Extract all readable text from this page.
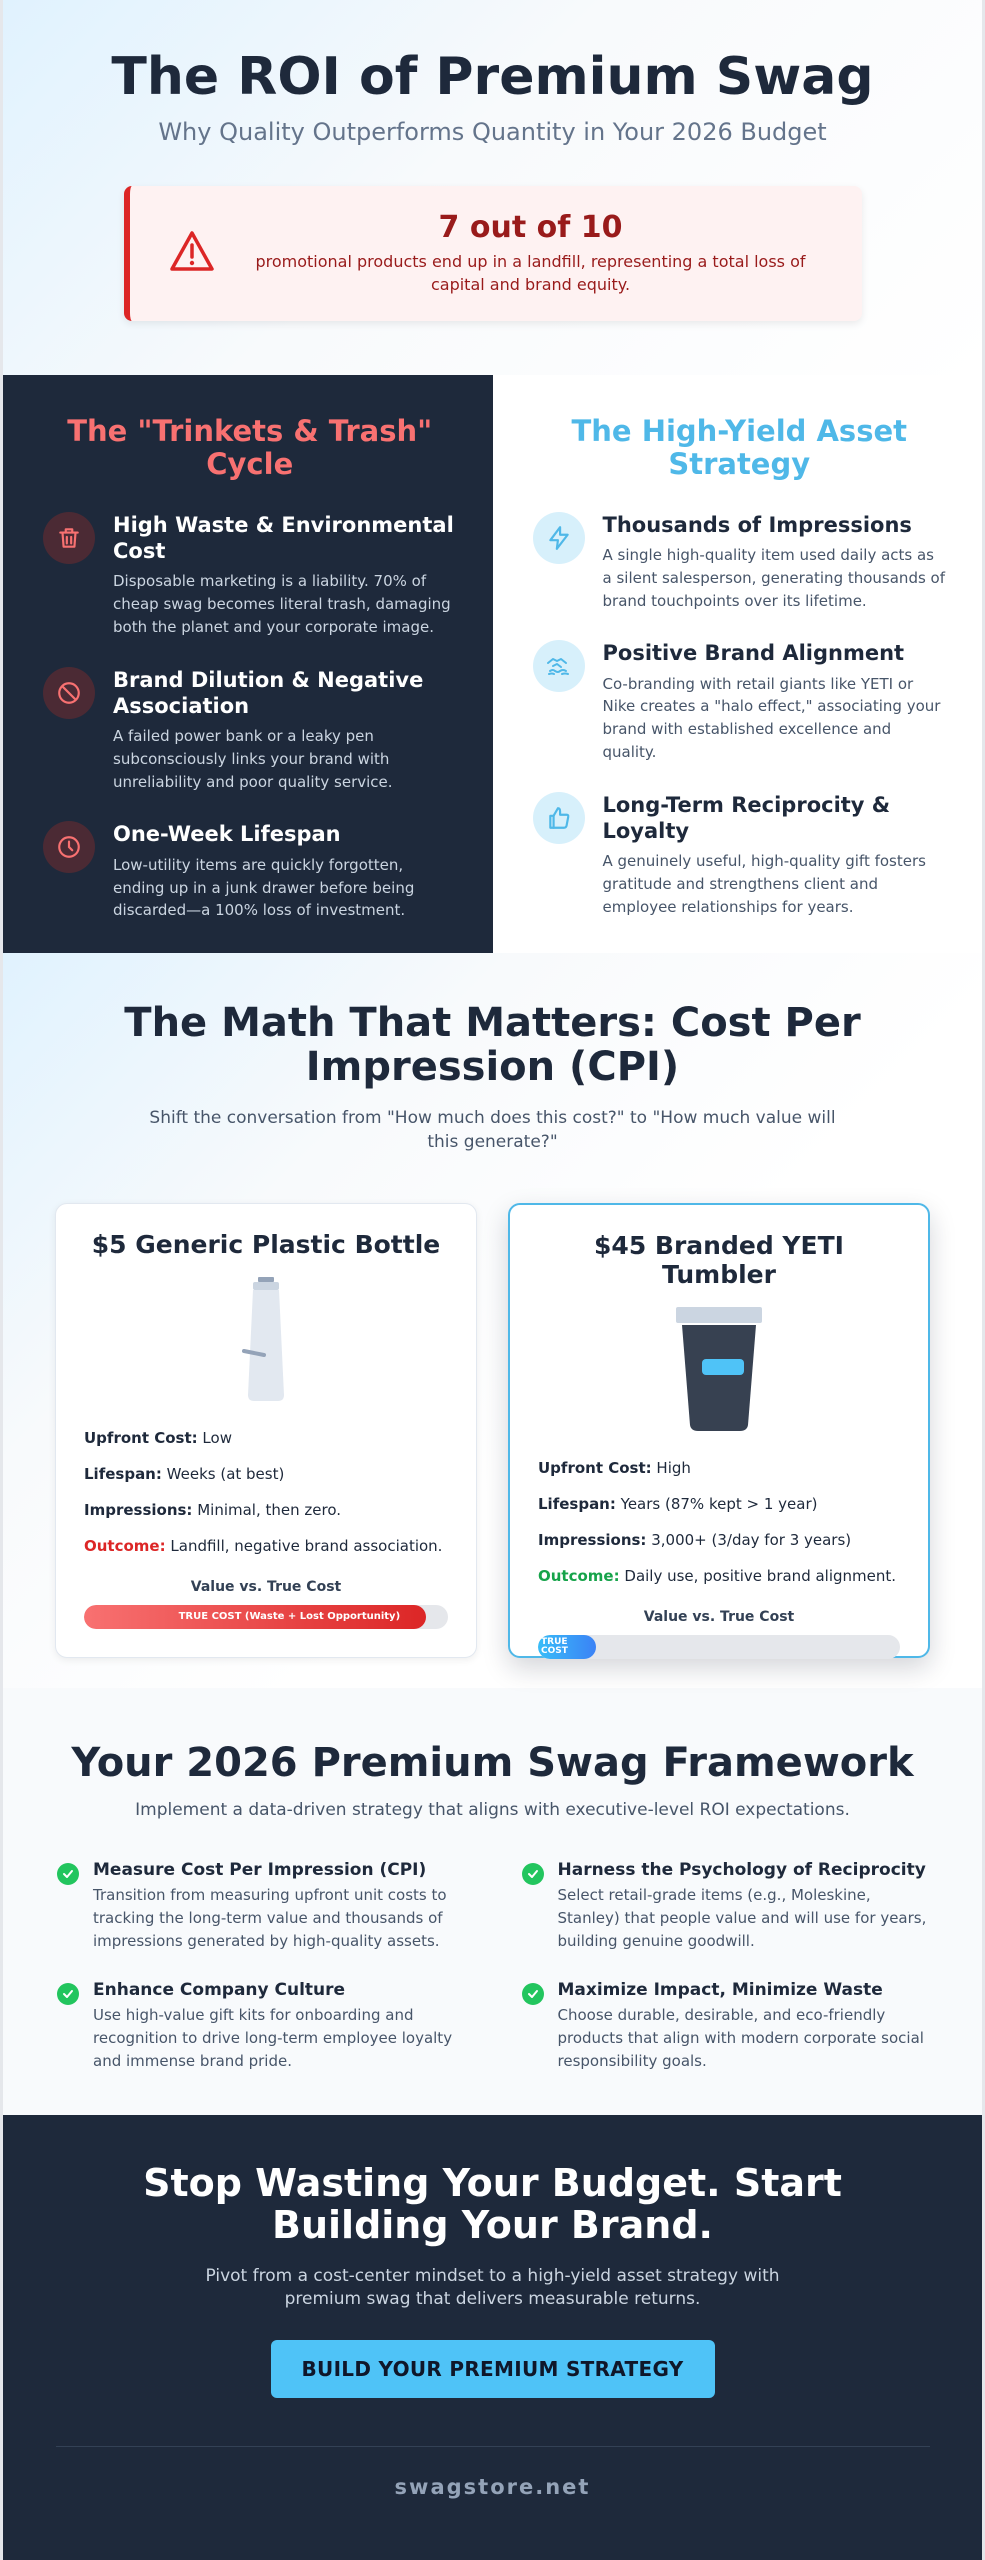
The ROI of Premium Swag

Why Quality Outperforms Quantity in Your 2026 Budget

7 out of 10
promotional products end up in a landfill, representing a total loss of capital and brand equity.
The "Trinkets & Trash" Cycle
High Waste & Environmental Cost

Disposable marketing is a liability. 70% of cheap swag becomes literal trash, damaging both the planet and your corporate image.

Brand Dilution & Negative Association

A failed power bank or a leaky pen subconsciously links your brand with unreliability and poor quality service.

One-Week Lifespan

Low-utility items are quickly forgotten, ending up in a junk drawer before being discarded—a 100% loss of investment.

The High-Yield Asset Strategy
Thousands of Impressions

A single high-quality item used daily acts as a silent salesperson, generating thousands of brand touchpoints over its lifetime.

Positive Brand Alignment

Co-branding with retail giants like YETI or Nike creates a "halo effect," associating your brand with established excellence and quality.

Long-Term Reciprocity & Loyalty

A genuinely useful, high-quality gift fosters gratitude and strengthens client and employee relationships for years.

The Math That Matters: Cost Per Impression (CPI)

Shift the conversation from "How much does this cost?" to "How much value will this generate?"

$5 Generic Plastic Bottle
Upfront Cost: Low
Lifespan: Weeks (at best)
Impressions: Minimal, then zero.
Outcome: Landfill, negative brand association.
Value vs. True Cost
TRUE COST (Waste + Lost Opportunity)
$45 Branded YETI Tumbler
Upfront Cost: High
Lifespan: Years (87% kept > 1 year)
Impressions: 3,000+ (3/day for 3 years)
Outcome: Daily use, positive brand alignment.
Value vs. True Cost
TRUE COST
Your 2026 Premium Swag Framework

Implement a data-driven strategy that aligns with executive-level ROI expectations.

Measure Cost Per Impression (CPI)

Transition from measuring upfront unit costs to tracking the long-term value and thousands of impressions generated by high-quality assets.

Harness the Psychology of Reciprocity

Select retail-grade items (e.g., Moleskine, Stanley) that people value and will use for years, building genuine goodwill.

Enhance Company Culture

Use high-value gift kits for onboarding and recognition to drive long-term employee loyalty and immense brand pride.

Maximize Impact, Minimize Waste

Choose durable, desirable, and eco-friendly products that align with modern corporate social responsibility goals.

Stop Wasting Your Budget. Start Building Your Brand.

Pivot from a cost-center mindset to a high-yield asset strategy with premium swag that delivers measurable returns.

BUILD YOUR PREMIUM STRATEGY
swagstore.net
